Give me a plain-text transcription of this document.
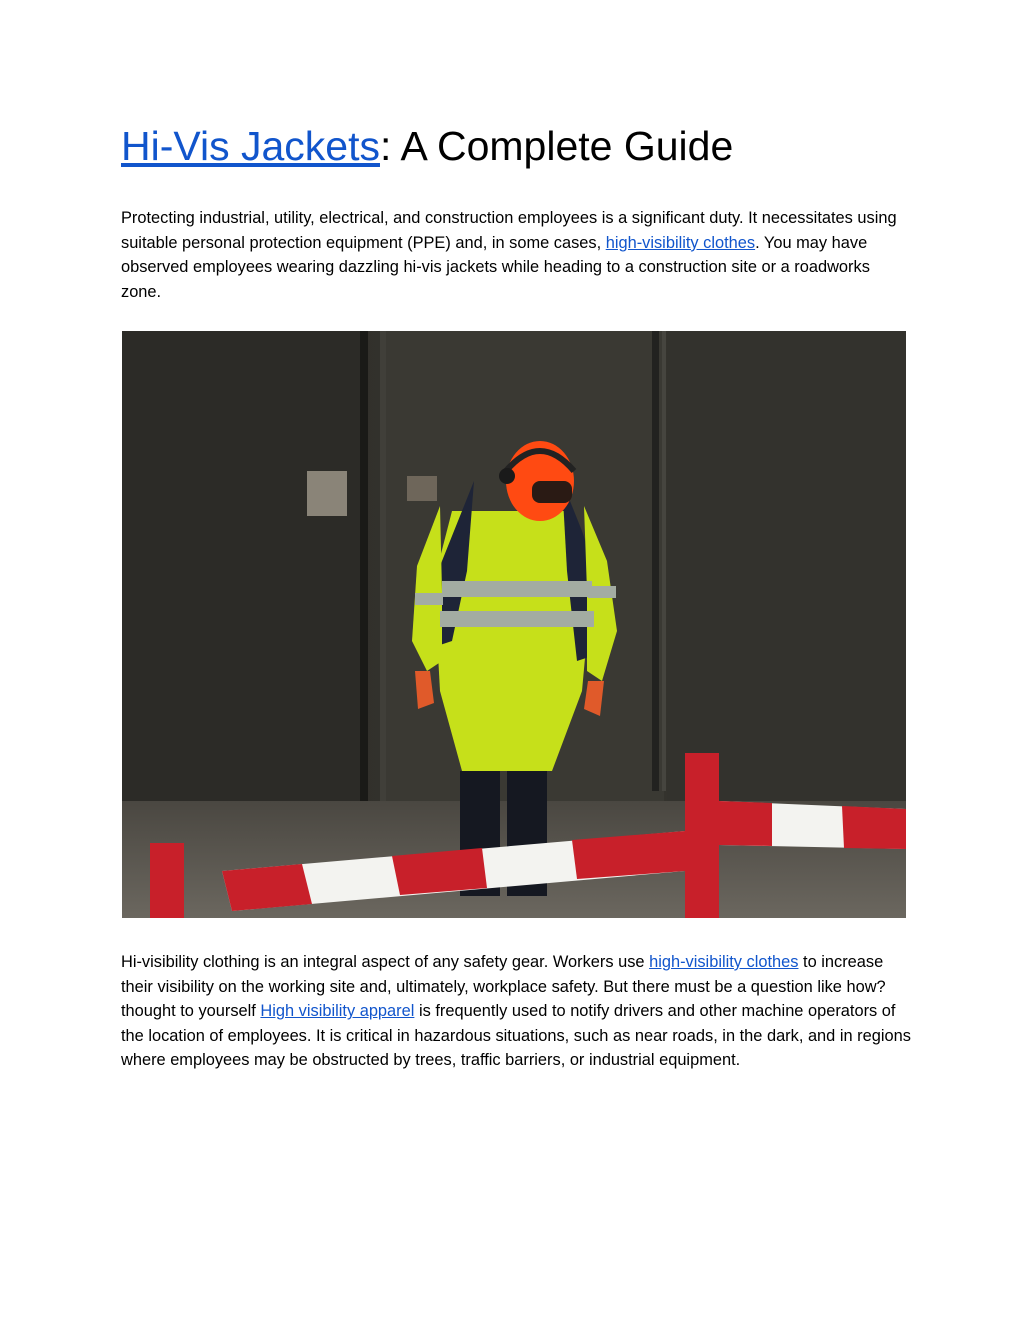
Hi-Vis Jackets: A Complete Guide

Protecting industrial, utility, electrical, and construction employees is a significant duty. It necessitates using suitable personal protection equipment (PPE) and, in some cases, high-visibility clothes. You may have observed employees wearing dazzling hi-vis jackets while heading to a construction site or a roadworks zone.

Hi-visibility clothing is an integral aspect of any safety gear. Workers use high-visibility clothes to increase their visibility on the working site and, ultimately, workplace safety. But there must be a question like how? thought to yourself High visibility apparel is frequently used to notify drivers and other machine operators of the location of employees. It is critical in hazardous situations, such as near roads, in the dark, and in regions where employees may be obstructed by trees, traffic barriers, or industrial equipment.
